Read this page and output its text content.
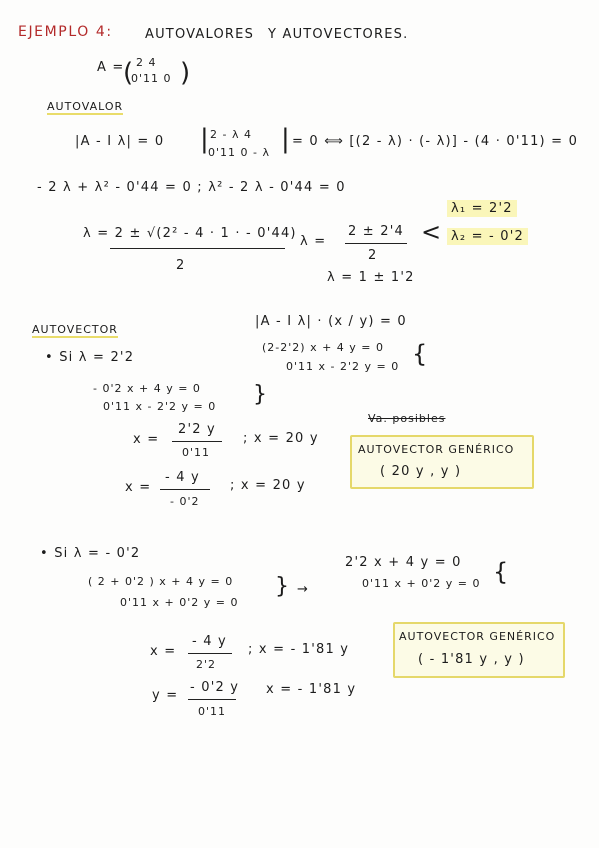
EJEMPLO 4: AUTOVALORES Y AUTOVECTORES.
A =
( 2 4
0'11 0 )
AUTOVALOR
|A - I λ| = 0 | 2 - λ 4
0'11 0 - λ | = 0 ⟺ [(2 - λ) · (- λ)] - (4 · 0'11) = 0
- 2 λ + λ² - 0'44 = 0 ; λ² - 2 λ - 0'44 = 0
λ = 2 ± √(2² - 4 · 1 · - 0'44)
2
λ =
2 ± 2'4
2
λ = 1 ± 1'2
<
λ₁ = 2'2
λ₂ = - 0'2
AUTOVECTOR
|A - I λ| · (x / y) = 0
• Si λ = 2'2
(2-2'2) x + 4 y = 0
0'11 x - 2'2 y = 0 {
- 0'2 x + 4 y = 0
0'11 x - 2'2 y = 0 }
x =
2'2 y
0'11
; x = 20 y
x =
- 4 y
- 0'2
; x = 20 y
Va. posibles
AUTOVECTOR GENÉRICO
( 20 y , y )
• Si λ = - 0'2
( 2 + 0'2 ) x + 4 y = 0
0'11 x + 0'2 y = 0
} →
2'2 x + 4 y = 0
0'11 x + 0'2 y = 0 {
x =
- 4 y
2'2
; x = - 1'81 y
y =
- 0'2 y
0'11
x = - 1'81 y
AUTOVECTOR GENÉRICO
( - 1'81 y , y )
